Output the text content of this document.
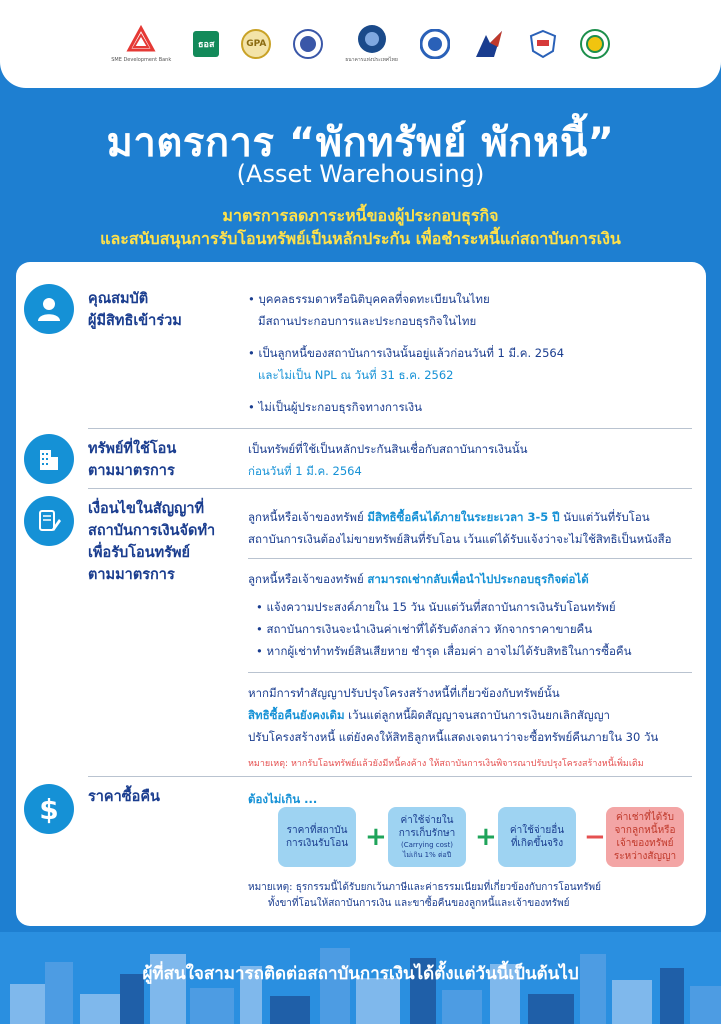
SME Development Bank
ธอส	GPA
ธนาคารแห่งประเทศไทย
มาตรการ “พักทรัพย์ พักหนี้”
(Asset Warehousing)
มาตรการลดภาระหนี้ของผู้ประกอบธุรกิจ
และสนับสนุนการรับโอนทรัพย์เป็นหลักประกัน เพื่อชำระหนี้แก่สถาบันการเงิน
คุณสมบัติ
ผู้มีสิทธิเข้าร่วม
• บุคคลธรรมดาหรือนิติบุคคลที่จดทะเบียนในไทย
มีสถานประกอบการและประกอบธุรกิจในไทย
• เป็นลูกหนี้ของสถาบันการเงินนั้นอยู่แล้วก่อนวันที่ 1 มี.ค. 2564
และไม่เป็น NPL ณ วันที่ 31 ธ.ค. 2562
• ไม่เป็นผู้ประกอบธุรกิจทางการเงิน
ทรัพย์ที่ใช้โอน
ตามมาตรการ
เป็นทรัพย์ที่ใช้เป็นหลักประกันสินเชื่อกับสถาบันการเงินนั้น
ก่อนวันที่ 1 มี.ค. 2564
เงื่อนไขในสัญญาที่
สถาบันการเงินจัดทำ
เพื่อรับโอนทรัพย์
ตามมาตรการ
ลูกหนี้หรือเจ้าของทรัพย์ มีสิทธิซื้อคืนได้ภายในระยะเวลา 3-5 ปี นับแต่วันที่รับโอน
สถาบันการเงินต้องไม่ขายทรัพย์สินที่รับโอน เว้นแต่ได้รับแจ้งว่าจะไม่ใช้สิทธิเป็นหนังสือ
ลูกหนี้หรือเจ้าของทรัพย์ สามารถเช่ากลับเพื่อนำไปประกอบธุรกิจต่อได้
• แจ้งความประสงค์ภายใน 15 วัน นับแต่วันที่สถาบันการเงินรับโอนทรัพย์
• สถาบันการเงินจะนำเงินค่าเช่าที่ได้รับดังกล่าว หักจากราคาขายคืน
• หากผู้เช่าทำทรัพย์สินเสียหาย ชำรุด เสื่อมค่า อาจไม่ได้รับสิทธิในการซื้อคืน
หากมีการทำสัญญาปรับปรุงโครงสร้างหนี้ที่เกี่ยวข้องกับทรัพย์นั้น
สิทธิซื้อคืนยังคงเดิม เว้นแต่ลูกหนี้ผิดสัญญาจนสถาบันการเงินยกเลิกสัญญา
ปรับโครงสร้างหนี้ แต่ยังคงให้สิทธิลูกหนี้แสดงเจตนาว่าจะซื้อทรัพย์คืนภายใน 30 วัน
หมายเหตุ: หากรับโอนทรัพย์แล้วยังมีหนี้คงค้าง ให้สถาบันการเงินพิจารณาปรับปรุงโครงสร้างหนี้เพิ่มเติม
$ ราคาซื้อคืน	ต้องไม่เกิน ...
ราคาที่สถาบัน
การเงินรับโอน +
ค่าใช้จ่ายใน
การเก็บรักษา
(Carrying cost)
ไม่เกิน 1% ต่อปี
+ ค่าใช้จ่ายอื่น
ที่เกิดขึ้นจริง −
ค่าเช่าที่ได้รับ
จากลูกหนี้หรือ
เจ้าของทรัพย์
ระหว่างสัญญา
หมายเหตุ: ธุรกรรมนี้ได้รับยกเว้นภาษีและค่าธรรมเนียมที่เกี่ยวข้องกับการโอนทรัพย์
ทั้งขาที่โอนให้สถาบันการเงิน และขาซื้อคืนของลูกหนี้และเจ้าของทรัพย์
ผู้ที่สนใจสามารถติดต่อสถาบันการเงินได้ตั้งแต่วันนี้เป็นต้นไป
